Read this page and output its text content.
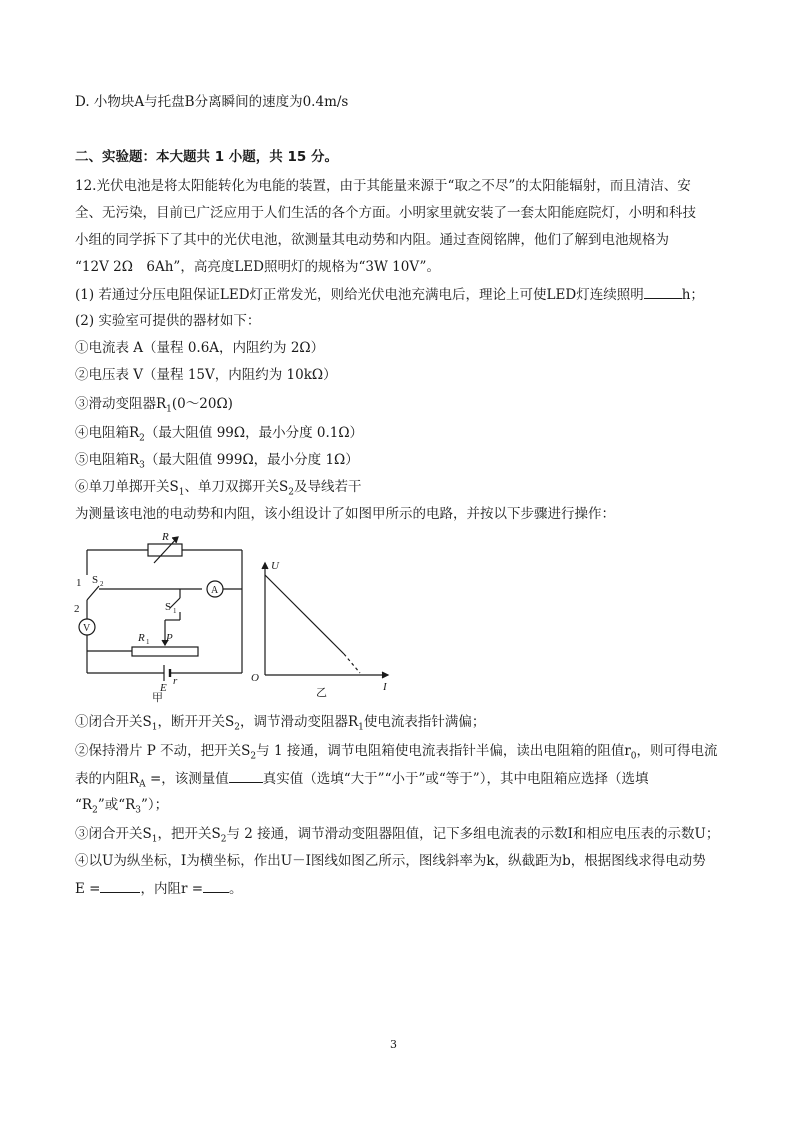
D. 小物块A与托盘B分离瞬间的速度为0.4m/s
二、实验题：本大题共 1 小题，共 15 分。
12.光伏电池是将太阳能转化为电能的装置，由于其能量来源于“取之不尽”的太阳能辐射，而且清洁、安
全、无污染，目前已广泛应用于人们生活的各个方面。小明家里就安装了一套太阳能庭院灯，小明和科技
小组的同学拆下了其中的光伏电池，欲测量其电动势和内阻。通过查阅铭牌，他们了解到电池规格为
“12V 2Ω　6Ah”，高亮度LED照明灯的规格为“3W 10V”。
(1) 若通过分压电阻保证LED灯正常发光，则给光伏电池充满电后，理论上可使LED灯连续照明	h；
(2) 实验室可提供的器材如下：
①电流表 A（量程 0.6A，内阻约为 2Ω）
②电压表 V（量程 15V，内阻约为 10kΩ）
③滑动变阻器$R_1(0\sim 20\Omega)$
④电阻箱$R_2$（最大阻值 99Ω，最小分度 0.1Ω）
⑤电阻箱$R_3$（最大阻值 999Ω，最小分度 1Ω）
⑥单刀单掷开关$S_1$、单刀双掷开关$S_2$及导线若干
为测量该电池的电动势和内阻，该小组设计了如图甲所示的电路，并按以下步骤进行操作：
R
1 S 2
2
A
V
S 1
R 1 P
E
r
甲
U
I
O
乙
①闭合开关$S_1$，断开开关$S_2$，调节滑动变阻器$R_1$使电流表指针满偏；
②保持滑片 P 不动，把开关$S_2$与 1 接通，调节电阻箱使电流表指针半偏，读出电阻箱的阻值$r_0$，则可得电流
表的内阻$R_A$ =，该测量值	真实值（选填“大于”“小于”或“等于”），其中电阻箱应选择（选填
“$R_2$”或“$R_3$”）；
③闭合开关$S_1$，把开关$S_2$与 2 接通，调节滑动变阻器阻值，记下多组电流表的示数I和相应电压表的示数U；
④以U为纵坐标，I为横坐标，作出U－I图线如图乙所示，图线斜率为k，纵截距为b，根据图线求得电动势
E =	，内阻r = 。
3
